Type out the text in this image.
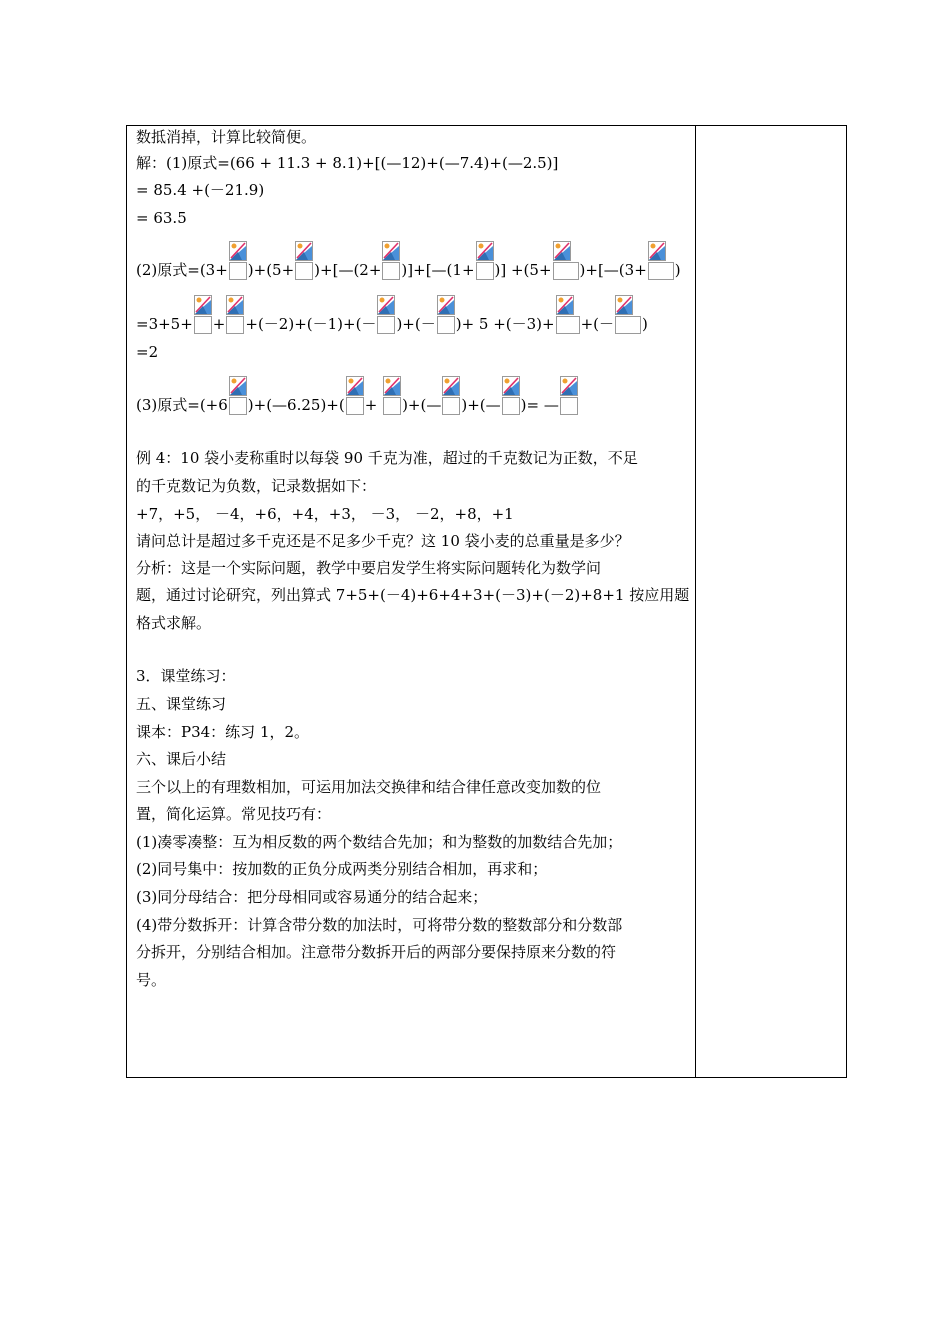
数抵消掉，计算比较简便。
解：(1)原式=(66 + 11.3 + 8.1)+[(—12)+(—7.4)+(—2.5)]
= 85.4 +(－21.9)
= 63.5
(2)原式=(3+ )+(5+ )+[—(2+ )]+[—(1+ )] +(5+ )+[—(3+ )
=3+5+ + +(－2)+(－1)+(－ )+(－ )+ 5 +(－3)+ +(－ )
=2
(3)原式=(+6 )+(—6.25)+( +
)+(— )+(— )= —
例 4：10 袋小麦称重时以每袋 90 千克为准，超过的千克数记为正数，不足
的千克数记为负数，记录数据如下：
+7，+5， －4，+6，+4，+3， －3， －2，+8，+1
请问总计是超过多千克还是不足多少千克？这 10 袋小麦的总重量是多少？
分析：这是一个实际问题，教学中要启发学生将实际问题转化为数学问
题，通过讨论研究，列出算式 7+5+(－4)+6+4+3+(－3)+(－2)+8+1 按应用题
格式求解。
3．课堂练习：
五、课堂练习
课本：P34：练习 1，2。
六、课后小结
三个以上的有理数相加，可运用加法交换律和结合律任意改变加数的位
置，简化运算。常见技巧有：
(1)凑零凑整：互为相反数的两个数结合先加；和为整数的加数结合先加；
(2)同号集中：按加数的正负分成两类分别结合相加，再求和；
(3)同分母结合：把分母相同或容易通分的结合起来；
(4)带分数拆开：计算含带分数的加法时，可将带分数的整数部分和分数部
分拆开，分别结合相加。注意带分数拆开后的两部分要保持原来分数的符
号。
